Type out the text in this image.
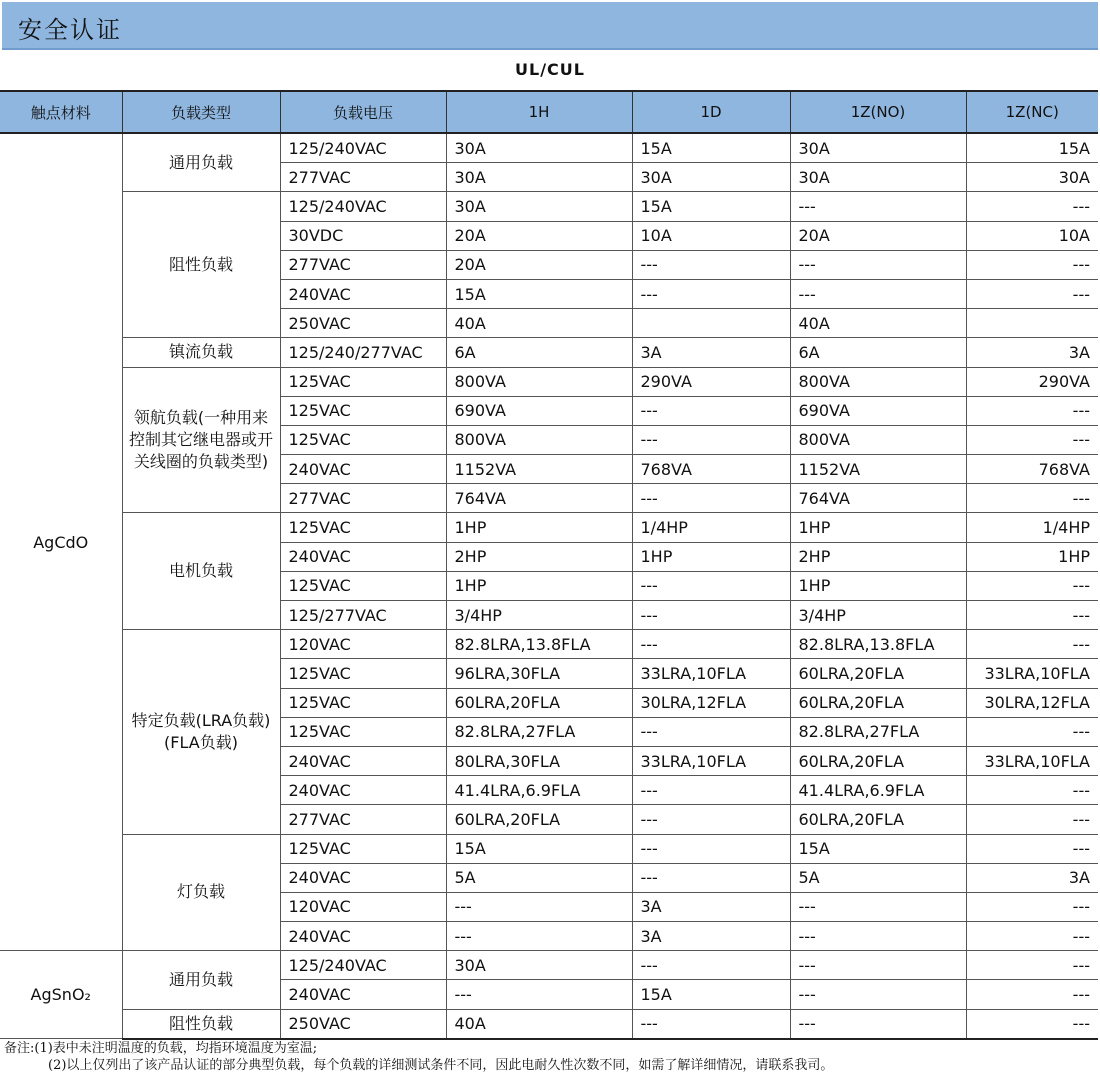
安全认证
UL/CUL
触点材料	负载类型	负载电压	1H	1D	1Z(NO)	1Z(NC)
AgCdO	通用负载	125/240VAC	30A	15A	30A	15A
		277VAC	30A	30A	30A	30A
	阻性负载	125/240VAC	30A	15A	---	---
		30VDC	20A	10A	20A	10A
		277VAC	20A	---	---	---
		240VAC	15A	---	---	---
		250VAC	40A		40A	
	镇流负载	125/240/277VAC	6A	3A	6A	3A
	领航负载(一种用来控制其它继电器或开关线圈的负载类型)	125VAC	800VA	290VA	800VA	290VA
		125VAC	690VA	---	690VA	---
		125VAC	800VA	---	800VA	---
		240VAC	1152VA	768VA	1152VA	768VA
		277VAC	764VA	---	764VA	---
	电机负载	125VAC	1HP	1/4HP	1HP	1/4HP
		240VAC	2HP	1HP	2HP	1HP
		125VAC	1HP	---	1HP	---
		125/277VAC	3/4HP	---	3/4HP	---
	特定负载(LRA负载)(FLA负载)	120VAC	82.8LRA,13.8FLA	---	82.8LRA,13.8FLA	---
		125VAC	96LRA,30FLA	33LRA,10FLA	60LRA,20FLA	33LRA,10FLA
		125VAC	60LRA,20FLA	30LRA,12FLA	60LRA,20FLA	30LRA,12FLA
		125VAC	82.8LRA,27FLA	---	82.8LRA,27FLA	---
		240VAC	80LRA,30FLA	33LRA,10FLA	60LRA,20FLA	33LRA,10FLA
		240VAC	41.4LRA,6.9FLA	---	41.4LRA,6.9FLA	---
		277VAC	60LRA,20FLA	---	60LRA,20FLA	---
	灯负载	125VAC	15A	---	15A	---
		240VAC	5A	---	5A	3A
		120VAC	---	3A	---	---
		240VAC	---	3A	---	---
AgSnO₂	通用负载	125/240VAC	30A	---	---	---
		240VAC	---	15A	---	---
	阻性负载	250VAC	40A	---	---	---
备注:(1)表中未注明温度的负载，均指环境温度为室温;
(2)以上仅列出了该产品认证的部分典型负载，每个负载的详细测试条件不同，因此电耐久性次数不同，如需了解详细情况，请联系我司。
